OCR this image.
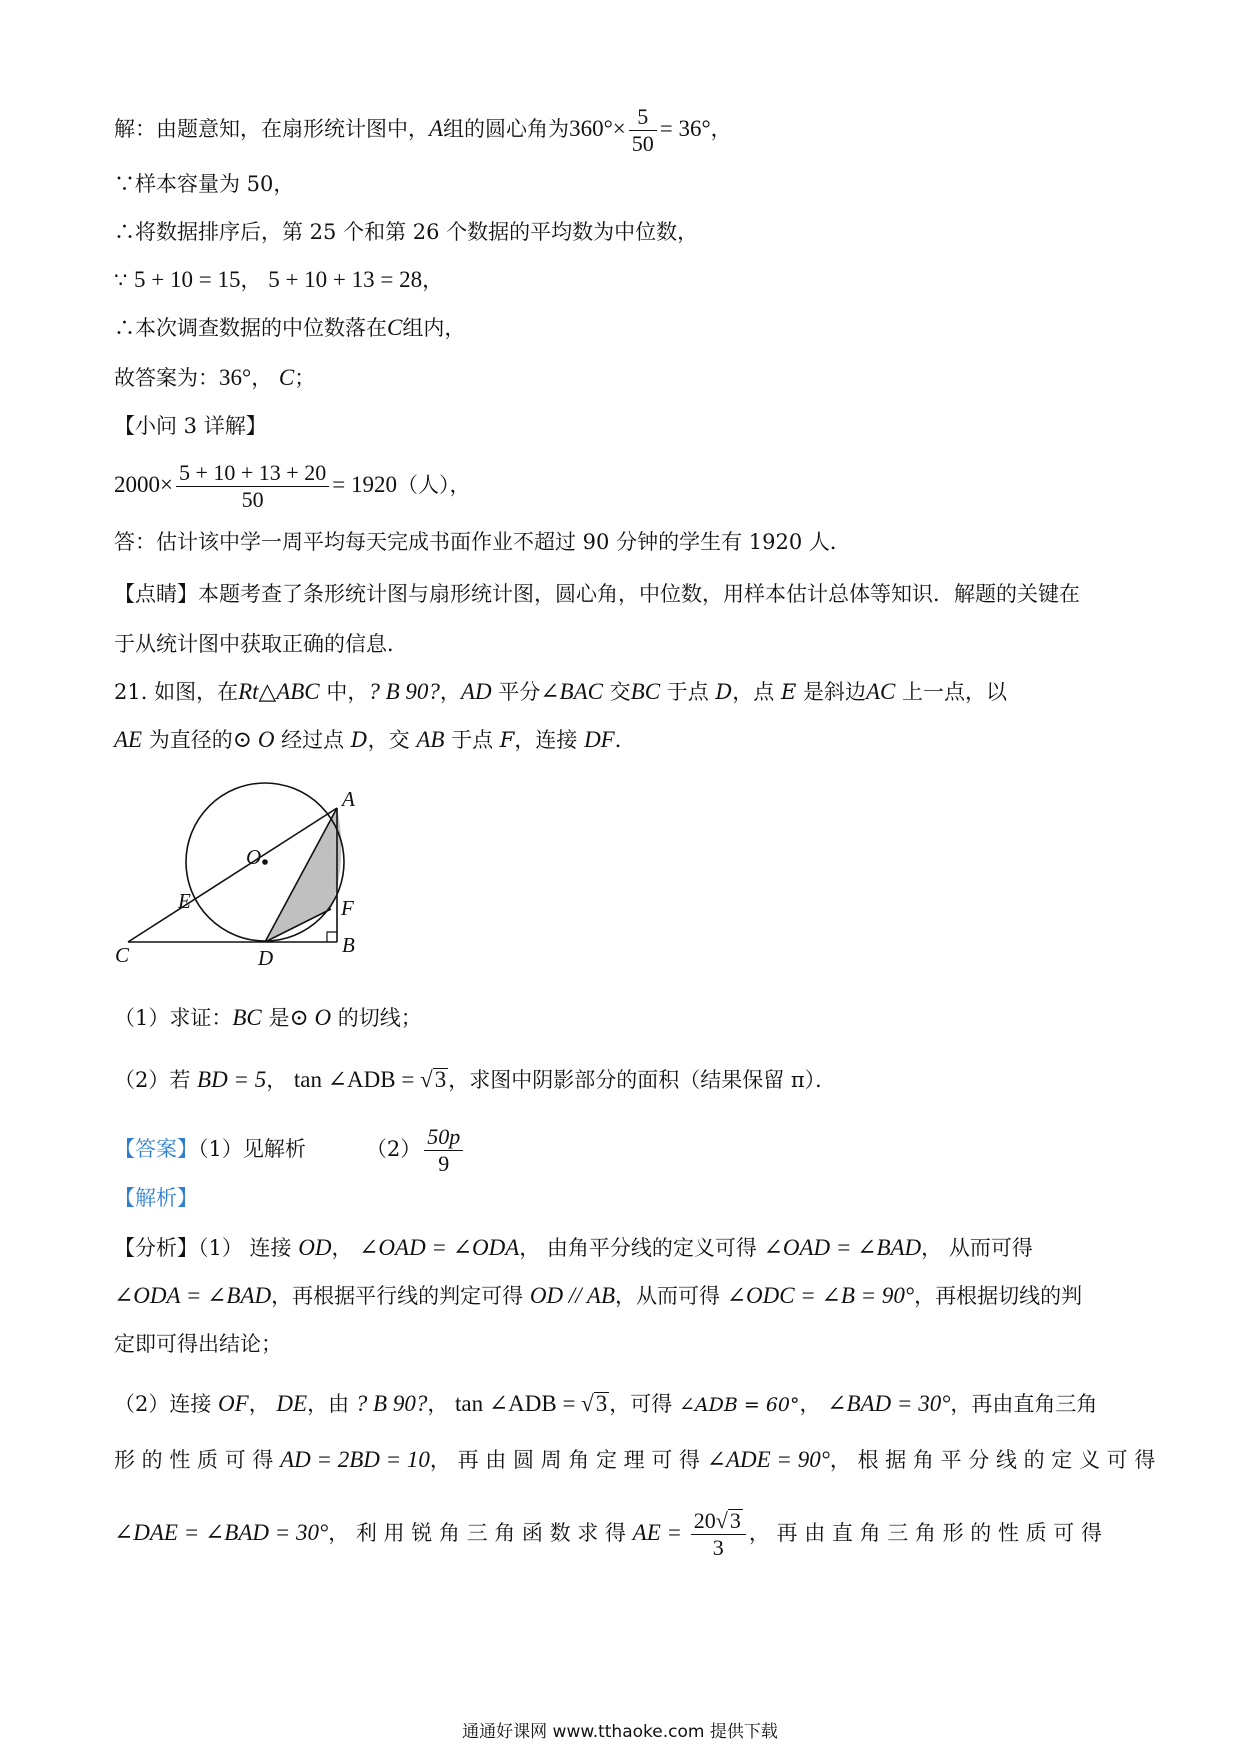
解：由题意知，在扇形统计图中，A组的圆心角为$360^\circ\times \frac{5}{50} = 36^\circ$，
∵样本容量为 50，
∴将数据排序后，第 25 个和第 26 个数据的平均数为中位数，
∵ 5 + 10 = 15， 5 + 10 + 13 = 28，
∴本次调查数据的中位数落在C组内，
故答案为：36°， C；
【小问 3 详解】
$2000\times \frac{5 + 10 + 13 + 20}{50} = 1920$（人），
答：估计该中学一周平均每天完成书面作业不超过 90 分钟的学生有 1920 人．
【点睛】本题考查了条形统计图与扇形统计图，圆心角，中位数，用样本估计总体等知识．解题的关键在
于从统计图中获取正确的信息．
21. 如图，在Rt△ABC 中，? B 90?，AD 平分∠BAC 交BC 于点 D，点 E 是斜边AC 上一点，以
AE 为直径的⊙ O 经过点 D，交 AB 于点 F，连接 DF．
A
O
E	F
C	D
B
（1）求证：BC 是⊙ O 的切线；
（2）若 BD = 5， tan ∠ADB = √3，求图中阴影部分的面积（结果保留 π）．
【答案】（1）见解析	$(2) \frac{50p}{9}$
【解析】
【分析】（1） 连接 OD， ∠OAD = ∠ODA， 由角平分线的定义可得 ∠OAD = ∠BAD， 从而可得
∠ODA = ∠BAD，再根据平行线的判定可得 OD // AB，从而可得 ∠ODC = ∠B = 90°，再根据切线的判
定即可得出结论；
（2）连接 OF， DE，由 ? B 90?， tan ∠ADB = √3，可得 ∠ADB = 60°， ∠BAD = 30°，再由直角三角
形 的 性 质 可 得 AD = 2BD = 10， 再 由 圆 周 角 定 理 可 得 ∠ADE = 90°， 根 据 角 平 分 线 的 定 义 可 得
∠DAE = ∠BAD = 30°， 利 用 锐 角 三 角 函 数 求 得 AE = $\frac{20√3}{3}$ ， 再 由 直 角 三 角 形 的 性 质 可 得
通通好课网 www.tthaoke.com 提供下载
